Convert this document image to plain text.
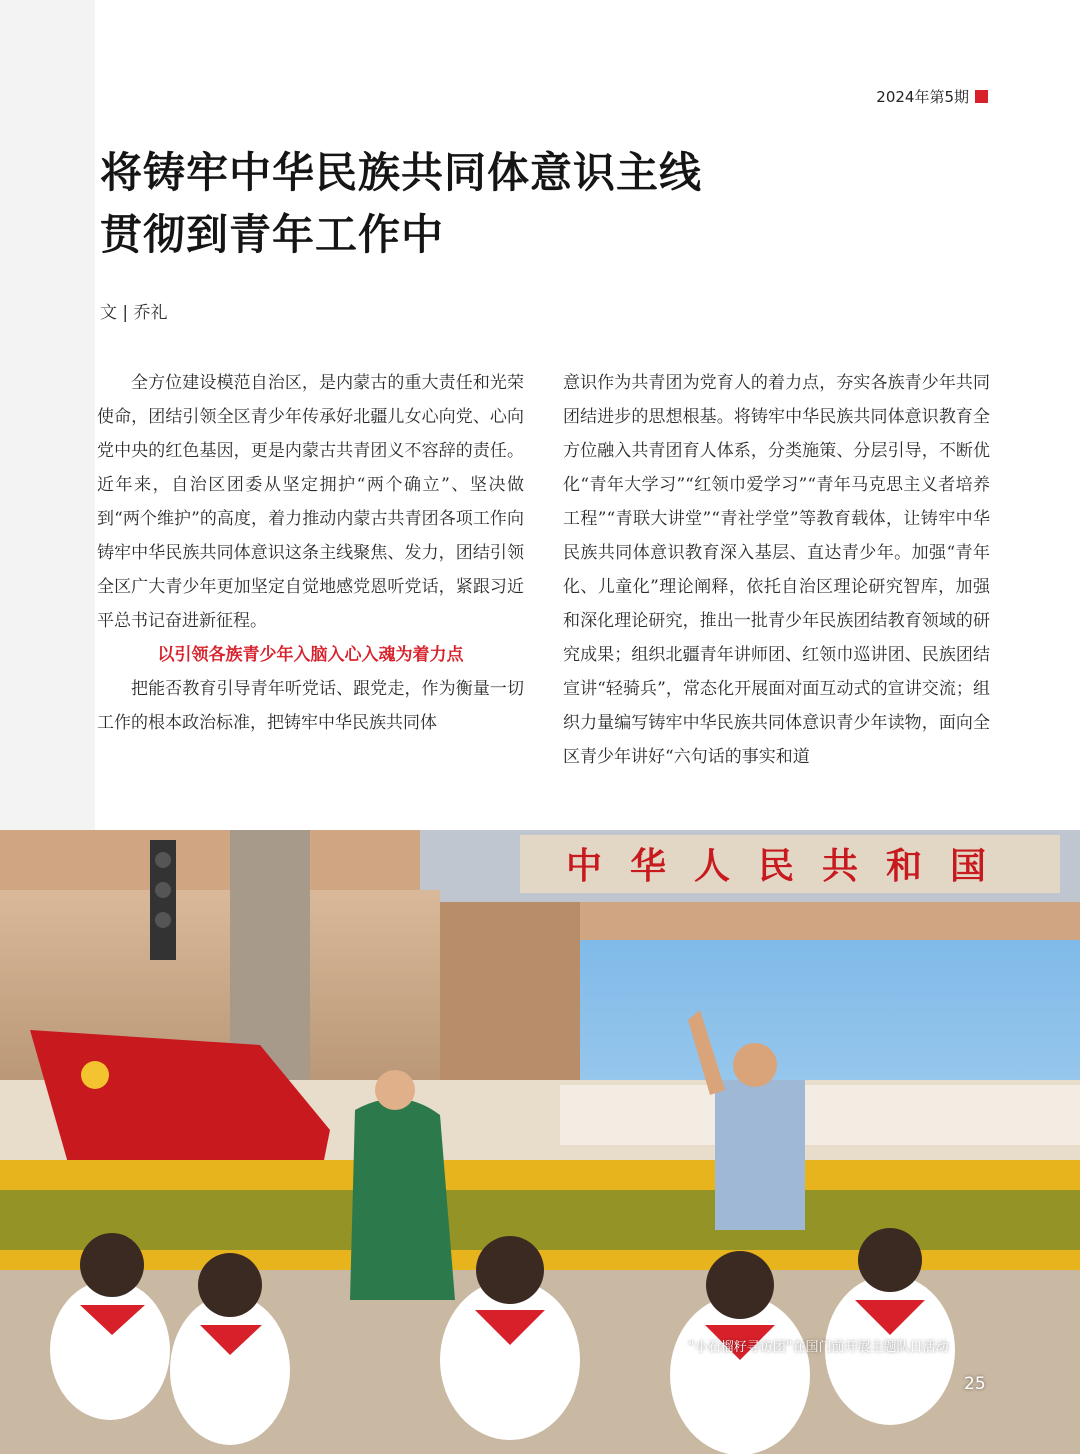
2024年第5期
将铸牢中华民族共同体意识主线
贯彻到青年工作中
文 | 乔礼

全方位建设模范自治区，是内蒙古的重大责任和光荣使命，团结引领全区青少年传承好北疆儿女心向党、心向党中央的红色基因，更是内蒙古共青团义不容辞的责任。近年来，自治区团委从坚定拥护“两个确立”、坚决做到“两个维护”的高度，着力推动内蒙古共青团各项工作向铸牢中华民族共同体意识这条主线聚焦、发力，团结引领全区广大青少年更加坚定自觉地感党恩听党话，紧跟习近平总书记奋进新征程。

以引领各族青少年入脑入心入魂为着力点

把能否教育引导青年听党话、跟党走，作为衡量一切工作的根本政治标准，把铸牢中华民族共同体

意识作为共青团为党育人的着力点，夯实各族青少年共同团结进步的思想根基。将铸牢中华民族共同体意识教育全方位融入共青团育人体系，分类施策、分层引导，不断优化“青年大学习”“红领巾爱学习”“青年马克思主义者培养工程”“青联大讲堂”“青社学堂”等教育载体，让铸牢中华民族共同体意识教育深入基层、直达青少年。加强“青年化、儿童化”理论阐释，依托自治区理论研究智库，加强和深化理论研究，推出一批青少年民族团结教育领域的研究成果；组织北疆青年讲师团、红领巾巡讲团、民族团结宣讲“轻骑兵”，常态化开展面对面互动式的宣讲交流；组织力量编写铸牢中华民族共同体意识青少年读物，面向全区青少年讲好“六句话的事实和道

中华人民共和国
“小石榴籽寻访团”在国门前开展主题队日活动
25
